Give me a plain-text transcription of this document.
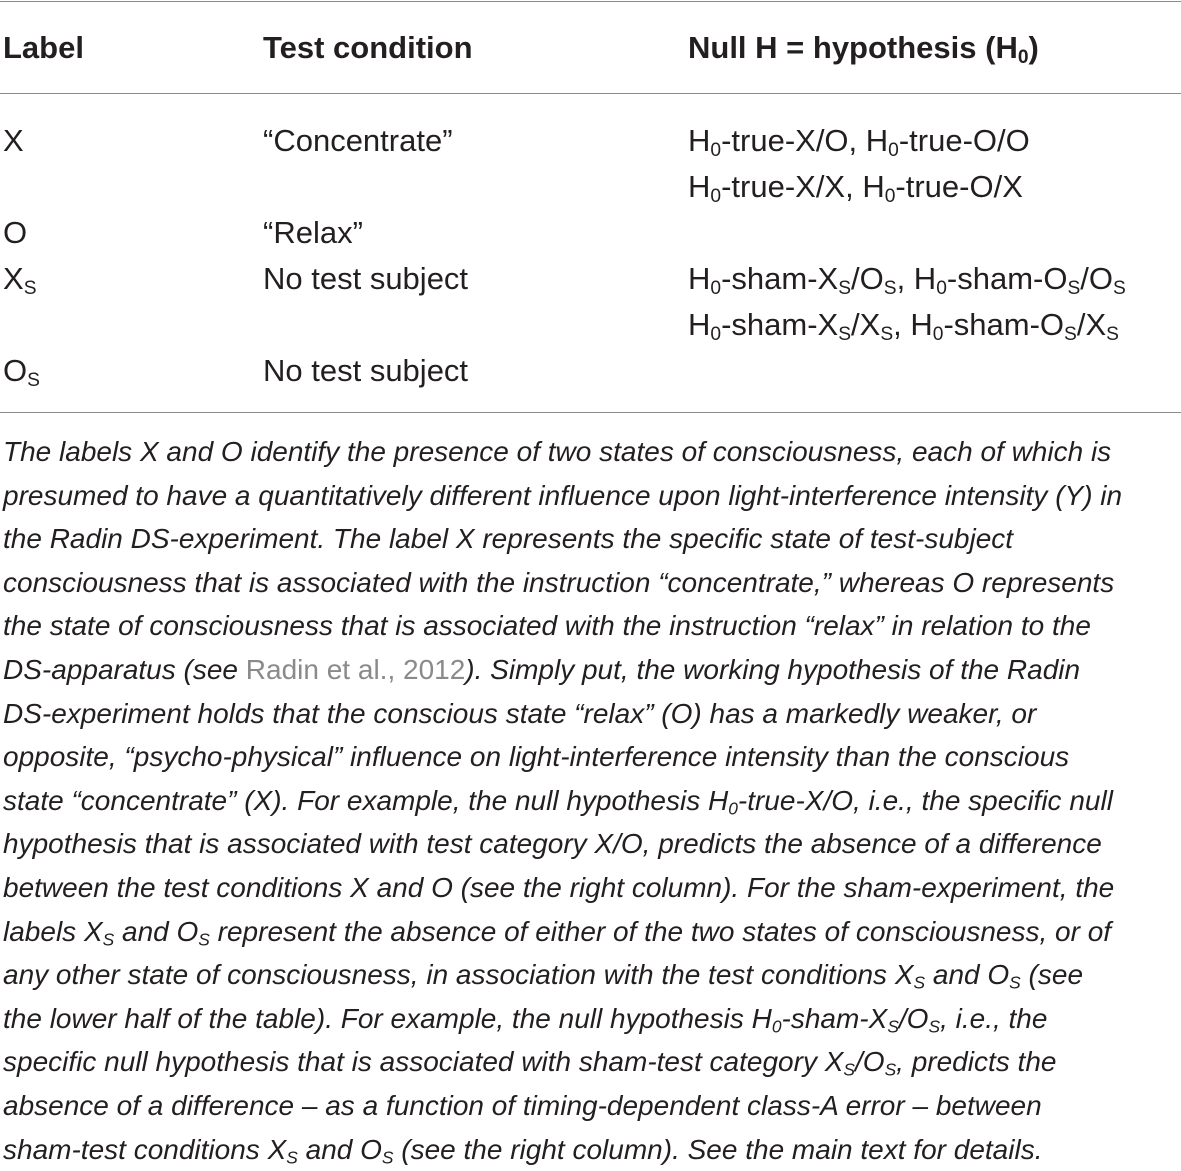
Label	Test condition	Null H = hypothesis $(H_0)$
X	“Concentrate”	$H_0-true-X/O$, $H_0-true-O/O$
$H_0-true-X/X$, $H_0-true-O/X$
O	“Relax”
$X_S$	No test subject	$H_0-sham-X_S/O_S$, $H_0-sham-O_S/O_S$
$H_0-sham-X_S/X_S$, $H_0-sham-O_S/X_S$
$O_S$	No test subject
The labels X and O identify the presence of two states of consciousness, each of which is
presumed to have a quantitatively different influence upon light-interference intensity (Y) in
the Radin DS-experiment. The label X represents the specific state of test-subject
consciousness that is associated with the instruction “concentrate,” whereas O represents
the state of consciousness that is associated with the instruction “relax” in relation to the
DS-apparatus (see Radin et al., 2012). Simply put, the working hypothesis of the Radin
DS-experiment holds that the conscious state “relax” (O) has a markedly weaker, or
opposite, “psycho-physical” influence on light-interference intensity than the conscious
state “concentrate” (X). For example, the null hypothesis $H_0-true-X/O$, i.e., the specific null
hypothesis that is associated with test category X/O, predicts the absence of a difference
between the test conditions X and O (see the right column). For the sham-experiment, the
labels $X_S$ and $O_S$ represent the absence of either of the two states of consciousness, or of
any other state of consciousness, in association with the test conditions $X_S$ and $O_S$ (see
the lower half of the table). For example, the null hypothesis $H_0-sham-X_S/O_S$, i.e., the
specific null hypothesis that is associated with sham-test category $X_S/O_S$, predicts the
absence of a difference – as a function of timing-dependent class-A error – between
sham-test conditions $X_S$ and $O_S$ (see the right column). See the main text for details.
